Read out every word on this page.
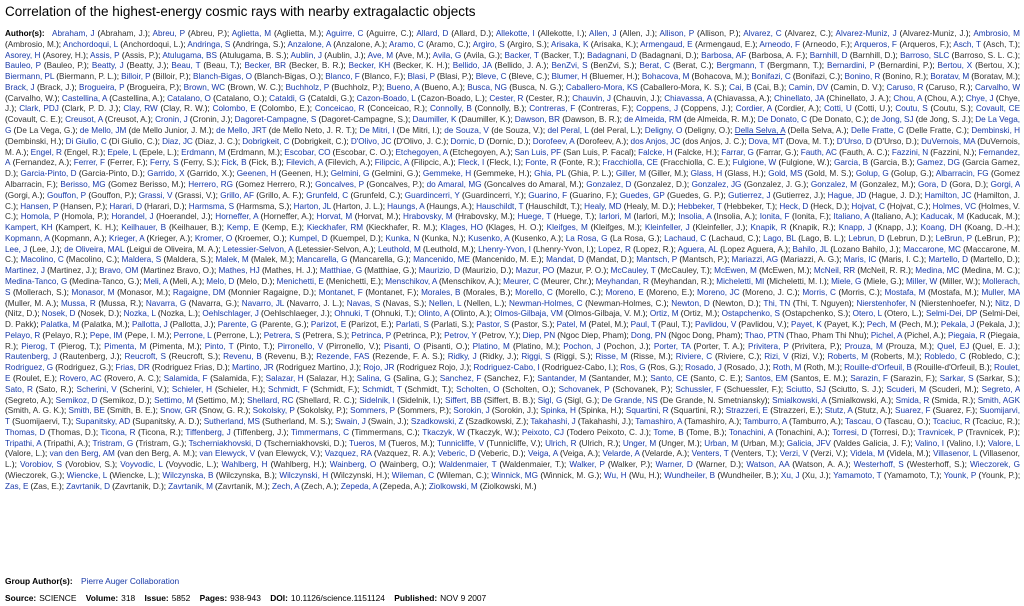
Correlation of the highest-energy cosmic rays with nearby extragalactic objects
Author(s): Abraham, J (Abraham, J.); Abreu, P (Abreu, P.); Aglietta, M (Aglietta, M.); Aguirre, C (Aguirre, C.); Allard, D (Allard, D.); Allekotte, I (Allekotte, I.); Allen, J (Allen, J.); Allison, P (Allison, P.); Alvarez, C (Alvarez, C.); Alvarez-Muniz, J (Alvarez-Muniz, J.); Ambrosio, M (Ambrosio, M.); Anchordoqui, L (Anchordoqui, L.); Andringa, S (Andringa, S.); Anzalone, A (Anzalone, A.); Aramo, C (Aramo, C.); Argiro, S (Argiro, S.); Arisaka, K (Arisaka, K.); Armengaud, E (Armengaud, E.); Arneodo, F (Arneodo, F.); Arqueros, F (Arqueros, F.); Asch, T (Asch, T.); Asorey, H (Asorey, H.); Assis, P (Assis, P.); Atulugama, BS (Atulugama, B. S.); Aublin, J (Aublin, J.); Ave, M (Ave, M.); Avila, G (Avila, G.); Backer, T (Backer, T.); Badagnani, D (Badagnani, D.); Barbosa, AF (Barbosa, A. F.); Barnhill, D (Barnhill, D.); Barroso, SLC (Barroso, S. L. C.); Bauleo, P (Bauleo, P.); Beatty, J (Beatty, J.); Beau, T (Beau, T.); Becker, BR (Becker, B. R.); Becker, KH (Becker, K. H.); Bellido, JA (Bellido, J. A.); BenZvi, S (BenZvi, S.); Berat, C (Berat, C.); Bergmann, T (Bergmann, T.); Bernardini, P (Bernardini, P.); Bertou, X (Bertou, X.); Biermann, PL (Biermann, P. L.); Billoir, P (Billoir, P.); Blanch-Bigas, O (Blanch-Bigas, O.); Blanco, F (Blanco, F.); Blasi, P (Blasi, P.); Bleve, C (Bleve, C.); Blumer, H (Bluemer, H.); Bohacova, M (Bohacova, M.); Bonifazi, C (Bonifazi, C.); Bonino, R (Bonino, R.); Boratav, M (Boratav, M.); Brack, J (Brack, J.); Brogueira, P (Brogueira, P.); Brown, WC (Brown, W. C.); Buchholz, P (Buchholz, P.); Bueno, A (Bueno, A.); Busca, NG (Busca, N. G.); Caballero-Mora, KS (Caballero-Mora, K. S.); Cai, B (Cai, B.); Camin, DV (Camin, D. V.); Caruso, R (Caruso, R.); Carvalho, W (Carvalho, W.); Castellina, A (Castellina, A.); Catalano, O (Catalano, O.); Cataldi, G (Cataldi, G.); Cazon-Boado, L (Cazon-Boado, L.); Cester, R (Cester, R.); Chauvin, J (Chauvin, J.); Chiavassa, A (Chiavassa, A.); Chinellato, JA (Chinellato, J. A.); Chou, A (Chou, A.); Chye, J (Chye, J.); Clark, PDJ (Clark, P. D. J.); Clay, RW (Clay, R. W.); Colombo, E (Colombo, E.); Conceicao, R (Conceicao, R.); Connolly, B (Connolly, B.); Contreras, F (Contreras, F.); Coppens, J (Coppens, J.); Cordier, A (Cordier, A.); Cotti, U (Cotti, U.); Coutu, S (Coutu, S.); Covault, CE (Covault, C. E.); Creusot, A (Creusot, A.); Cronin, J (Cronin, J.); Dagoret-Campagne, S (Dagoret-Campagne, S.); Daumiller, K (Daumiller, K.); Dawson, BR (Dawson, B. R.); de Almeida, RM (de Almeida, R. M.); De Donato, C (De Donato, C.); de Jong, SJ (de Jong, S. J.); De La Vega, G (De La Vega, G.); de Mello, JM (de Mello Junior, J. M.); de Mello, JRT (de Mello Neto, J. R. T.); De Mitri, I (De Mitri, I.); de Souza, V (de Souza, V.); del Peral, L (del Peral, L.); Deligny, O (Deligny, O.); Della Selva, A (Della Selva, A.); Delle Fratte, C (Delle Fratte, C.); Dembinski, H (Dembinski, H.); Di Giulio, C (Di Giulio, C.); Diaz, JC (Diaz, J. C.); Dobrigkeit, C (Dobrigkeit, C.); D'Olivo, JC (D'Olivo, J. C.); Dornic, D (Dornic, D.); Dorofeev, A (Dorofeev, A.); dos Anjos, JC (dos Anjos, J. C.); Dova, MT (Dova, M. T.); D'Urso, D (D'Urso, D.); DuVernois, MA (DuVernois, M. A.); Engel, R (Engel, R.); Epele, L (Epele, L.); Erdmann, M (Erdmann, M.); Escobar, CO (Escobar, C. O.); Etchegoyen, A (Etchegoyen, A.); San Luis, PF (San Luis, P. Facal); Falcke, H (Falcke, H.); Farrar, G (Farrar, G.); Fauth, AC (Fauth, A. C.); Fazzini, N (Fazzini, N.); Fernandez, A (Fernandez, A.); Ferrer, F (Ferrer, F.); Ferry, S (Ferry, S.); Fick, B (Fick, B.); Filevich, A (Filevich, A.); Filipcic, A (Filipcic, A.); Fleck, I (Fleck, I.); Fonte, R (Fonte, R.); Fracchiolla, CE (Fracchiolla, C. E.); Fulgione, W (Fulgione, W.); Garcia, B (Garcia, B.); Gamez, DG (Garcia Gamez, D.); Garcia-Pinto, D (Garcia-Pinto, D.); Garrido, X (Garrido, X.); Geenen, H (Geenen, H.); Gelmini, G (Gelmini, G.); Gemmeke, H (Gemmeke, H.); Ghia, PL (Ghia, P. L.); Giller, M (Giller, M.); Glass, H (Glass, H.); Gold, MS (Gold, M. S.); Golup, G (Golup, G.); Albarracin, FG (Gomez Albarracin, F.); Berisso, MG (Gomez Berisso, M.); Herrero, RG (Gomez Herrero, R.); Goncalves, P (Goncalves, P.); do Amaral, MG (Goncalves do Amaral, M.); Gonzalez, D (Gonzalez, D.); Gonzalez, JG (Gonzalez, J. G.); Gonzalez, M (Gonzalez, M.); Gora, D (Gora, D.); Gorgi, A (Gorgi, A.); Gouffon, P (Gouffon, P.); Grassi, V (Grassi, V.); Grillo, AF (Grillo, A. F.); Grunfeld, C (Grunfeld, C.); Guardincerri, Y (Guardincerri, Y.); Guarino, F (Guarino, F.); Guedes, GP (Guedes, G. P.); Gutierrez, J (Gutierrez, J.); Hague, JD (Hague, J. D.); Hamilton, JC (Hamilton, J. C.); Hansen, P (Hansen, P.); Harari, D (Harari, D.); Harmsma, S (Harmsma, S.); Harton, JL (Harton, J. L.); Haungs, A (Haungs, A.); Hauschildt, T (Hauschildt, T.); Healy, MD (Healy, M. D.); Hebbeker, T (Hebbeker, T.); Heck, D (Heck, D.); Hojvat, C (Hojvat, C.); Holmes, VC (Holmes, V. C.); Homola, P (Homola, P.); Horandel, J (Hoerandel, J.); Horneffer, A (Horneffer, A.); Horvat, M (Horvat, M.); Hrabovsky, M (Hrabovsky, M.); Huege, T (Huege, T.); Iarlori, M (Iarlori, M.); Insolia, A (Insolia, A.); Ionita, F (Ionita, F.); Italiano, A (Italiano, A.); Kaducak, M (Kaducak, M.); Kampert, KH (Kampert, K. H.); Keilhauer, B (Keilhauer, B.); Kemp, E (Kemp, E.); Kieckhafer, RM (Kieckhafer, R. M.); Klages, HO (Klages, H. O.); Kleifges, M (Kleifges, M.); Kleinfeller, J (Kleinfeller, J.); Knapik, R (Knapik, R.); Knapp, J (Knapp, J.); Koang, DH (Koang, D.-H.); Kopmann, A (Kopmann, A.); Krieger, A (Krieger, A.); Kromer, O (Kroemer, O.); Kumpel, D (Kuempel, D.); Kunka, N (Kunka, N.); Kusenko, A (Kusenko, A.); La Rosa, G (La Rosa, G.); Lachaud, C (Lachaud, C.); Lago, BL (Lago, B. L.); Lebrun, D (Lebrun, D.); LeBrun, P (LeBrun, P.); Lee, J (Lee, J.); de Oliveira, MAL (Leigui de Oliveira, M. A.); Letessier-Selvon, A (Letessier-Selvon, A.); Leuthold, M (Leuthold, M.); Lhenry-Yvon, I (Lhenry-Yvon, I.); Lopez, R (Lopez, R.); Aguera, AL (Lopez Aguera, A.); Bahilo, JL (Lozano Bahilo, J.); Maccarone, MC (Maccarone, M. C.); Macolino, C (Macolino, C.); Maldera, S (Maldera, S.); Malek, M (Malek, M.); Mancarella, G (Mancarella, G.); Mancenido, ME (Mancenido, M. E.); Mandat, D (Mandat, D.); Mantsch, P (Mantsch, P.); Mariazzi, AG (Mariazzi, A. G.); Maris, IC (Maris, I. C.); Martello, D (Martello, D.); Martinez, J (Martinez, J.); Bravo, OM (Martinez Bravo, O.); Mathes, HJ (Mathes, H. J.); Matthiae, G (Matthiae, G.); Maurizio, D (Maurizio, D.); Mazur, PO (Mazur, P. O.); McCauley, T (McCauley, T.); McEwen, M (McEwen, M.); McNeil, RR (McNeil, R. R.); Medina, MC (Medina, M. C.); Medina-Tanco, G (Medina-Tanco, G.); Meli, A (Meli, A.); Melo, D (Melo, D.); Menichetti, E (Menichetti, E.); Menschikov, A (Menschikov, A.); Meurer, C (Meurer, Chr.); Meyhandan, R (Meyhandan, R.); Micheletti, MI (Micheletti, M. I.); Miele, G (Miele, G.); Miller, W (Miller, W.); Mollerach, S (Mollerach, S.); Monasor, M (Monasor, M.); Ragaigne, DM (Monnier Ragaigne, D.); Montanet, F (Montanet, F.); Morales, B (Morales, B.); Morello, C (Morello, C.); Moreno, E (Moreno, E.); Moreno, JC (Moreno, J. C.); Morris, C (Morris, C.); Mostafa, M (Mostafa, M.); Muller, MA (Muller, M. A.); Mussa, R (Mussa, R.); Navarra, G (Navarra, G.); Navarro, JL (Navarro, J. L.); Navas, S (Navas, S.); Nellen, L (Nellen, L.); Newman-Holmes, C (Newman-Holmes, C.); Newton, D (Newton, D.); Thi, TN (Thi, T. Nguyen); Nierstenhofer, N (Nierstenhoefer, N.); Nitz, D (Nitz, D.); Nosek, D (Nosek, D.); Nozka, L (Nozka, L.); Oehlschlager, J (Oehlschlaeger, J.); Ohnuki, T (Ohnuki, T.); Olinto, A (Olinto, A.); Olmos-Gilbaja, VM (Olmos-Gilbaja, V. M.); Ortiz, M (Ortiz, M.); Ostapchenko, S (Ostapchenko, S.); Otero, L (Otero, L.); Selmi-Dei, DP (Selmi-Dei, D. Pakk); Palatka, M (Palatka, M.); Pallotta, J (Pallotta, J.); Parente, G (Parente, G.); Parizot, E (Parizot, E.); Parlati, S (Parlati, S.); Pastor, S (Pastor, S.); Patel, M (Patel, M.); Paul, T (Paul, T.); Pavlidou, V (Pavlidou, V.); Payet, K (Payet, K.); Pech, M (Pech, M.); Pekala, J (Pekala, J.); Pelayo, R (Pelayo, R.); Pepe, IM (Pepe, I. M.); Perrone, L (Perrone, L.); Petrera, S (Petrera, S.); Petrinca, P (Petrinca, P.); Petrov, Y (Petrov, Y.); Diep, PN (Ngoc Diep, Pham); Dong, PN (Ngoc Dong, Pham); Thao, PTN (Thao, Pham Thi Nhu); Pichel, A (Pichel, A.); Piegaia, R (Piegaia, R.); Pierog, T (Pierog, T.); Pimenta, M (Pimenta, M.); Pinto, T (Pinto, T.); Pirronello, V (Pirronello, V.); Pisanti, O (Pisanti, O.); Platino, M (Platino, M.); Pochon, J (Pochon, J.); Porter, TA (Porter, T. A.); Privitera, P (Privitera, P.); Prouza, M (Prouza, M.); Quel, EJ (Quel, E. J.); Rautenberg, J (Rautenberg, J.); Reucroft, S (Reucroft, S.); Revenu, B (Revenu, B.); Rezende, FAS (Rezende, F. A. S.); Ridky, J (Ridky, J.); Riggi, S (Riggi, S.); Risse, M (Risse, M.); Riviere, C (Riviere, C.); Rizi, V (Rizi, V.); Roberts, M (Roberts, M.); Robledo, C (Robledo, C.); Rodriguez, G (Rodriguez, G.); Frias, DR (Rodriguez Frias, D.); Martino, JR (Rodriguez Martino, J.); Rojo, JR (Rodriguez Rojo, J.); Rodriguez-Cabo, I (Rodriguez-Cabo, I.); Ros, G (Ros, G.); Rosado, J (Rosado, J.); Roth, M (Roth, M.); Rouille-d'Orfeuil, B (Rouille-d'Orfeuil, B.); Roulet, E (Roulet, E.); Rovero, AC (Rovero, A. C.); Salamida, F (Salamida, F.); Salazar, H (Salazar, H.); Salina, G (Salina, G.); Sanchez, F (Sanchez, F.); Santander, M (Santander, M.); Santo, CE (Santo, C. E.); Santos, EM (Santos, E. M.); Sarazin, F (Sarazin, F.); Sarkar, S (Sarkar, S.); Sato, R (Sato, R.); Scherini, V (Scherini, V.); Schieler, H (Schieler, H.); Schmidt, F (Schmidt, F.); Schmidt, T (Schmidt, T.); Scholten, O (Scholten, O.); Schovanek, P (Schovanek, P.); Schussler, F (Schuessler, F.); Sciutto, SJ (Sciutto, S. J.); Scuderi, M (Scuderi, M.); Segreto, A (Segreto, A.); Semikoz, D (Semikoz, D.); Settimo, M (Settimo, M.); Shellard, RC (Shellard, R. C.); Sidelnik, I (Sidelnik, I.); Siffert, BB (Siffert, B. B.); Sigl, G (Sigl, G.); De Grande, NS (De Grande, N. Smetniansky); Smialkowski, A (Smialkowski, A.); Smida, R (Smida, R.); Smith, AGK (Smith, A. G. K.); Smith, BE (Smith, B. E.); Snow, GR (Snow, G. R.); Sokolsky, P (Sokolsky, P.); Sommers, P (Sommers, P.); Sorokin, J (Sorokin, J.); Spinka, H (Spinka, H.); Squartini, R (Squartini, R.); Strazzeri, E (Strazzeri, E.); Stutz, A (Stutz, A.); Suarez, F (Suarez, F.); Suomijarvi, T (Suomijaervi, T.); Supanitsky, AD (Supanitsky, A. D.); Sutherland, MS (Sutherland, M. S.); Swain, J (Swain, J.); Szadkowski, Z (Szadkowski, Z.); Takahashi, J (Takahashi, J.); Tamashiro, A (Tamashiro, A.); Tamburro, A (Tamburro, A.); Tascau, O (Tascau, O.); Tcaciuc, R (Tcaciuc, R.); Thomas, D (Thomas, D.); Ticona, R (Ticona, R.); Tiffenberg, J (Tiffenberg, J.); Timmermans, C (Timmermans, C.); Tkaczyk, W (Tkaczyk, W.); Peixoto, CJ (Todero Peixoto, C. J.); Tome, B (Tome, B.); Tonachini, A (Tonachini, A.); Torresi, D (Torresi, D.); Travnicek, P (Travnicek, P.); Tripathi, A (Tripathi, A.); Tristram, G (Tristram, G.); Tscherniakhovski, D (Tscherniakhovski, D.); Tueros, M (Tueros, M.); Tunnicliffe, V (Tunnicliffe, V.); Ulrich, R (Ulrich, R.); Unger, M (Unger, M.); Urban, M (Urban, M.); Galicia, JFV (Valdes Galicia, J. F.); Valino, I (Valino, I.); Valore, L (Valore, L.); van den Berg, AM (van den Berg, A. M.); van Elewyck, V (van Elewyck, V.); Vazquez, RA (Vazquez, R. A.); Veberic, D (Veberic, D.); Veiga, A (Veiga, A.); Velarde, A (Velarde, A.); Venters, T (Venters, T.); Verzi, V (Verzi, V.); Videla, M (Videla, M.); Villasenor, L (Villasenor, L.); Vorobiov, S (Vorobiov, S.); Voyvodic, L (Voyvodic, L.); Wahlberg, H (Wahlberg, H.); Wainberg, O (Wainberg, O.); Waldenmaier, T (Waldenmaier, T.); Walker, P (Walker, P.); Warner, D (Warner, D.); Watson, AA (Watson, A. A.); Westerhoff, S (Westerhoff, S.); Wieczorek, G (Wieczorek, G.); Wiencke, L (Wiencke, L.); Wilczynska, B (Wilczynska, B.); Wilczynski, H (Wilczynski, H.); Wileman, C (Wileman, C.); Winnick, MG (Winnick, M. G.); Wu, H (Wu, H.); Wundheiler, B (Wundheiler, B.); Xu, J (Xu, J.); Yamamoto, T (Yamamoto, T.); Younk, P (Younk, P.); Zas, E (Zas, E.); Zavrtanik, D (Zavrtanik, D.); Zavrtanik, M (Zavrtanik, M.); Zech, A (Zech, A.); Zepeda, A (Zepeda, A.); Ziolkowski, M (Ziolkowski, M.)
Group Author(s): Pierre Auger Collaboration
Source: SCIENCE Volume: 318 Issue: 5852 Pages: 938-943 DOI: 10.1126/science.1151124 Published: NOV 9 2007
